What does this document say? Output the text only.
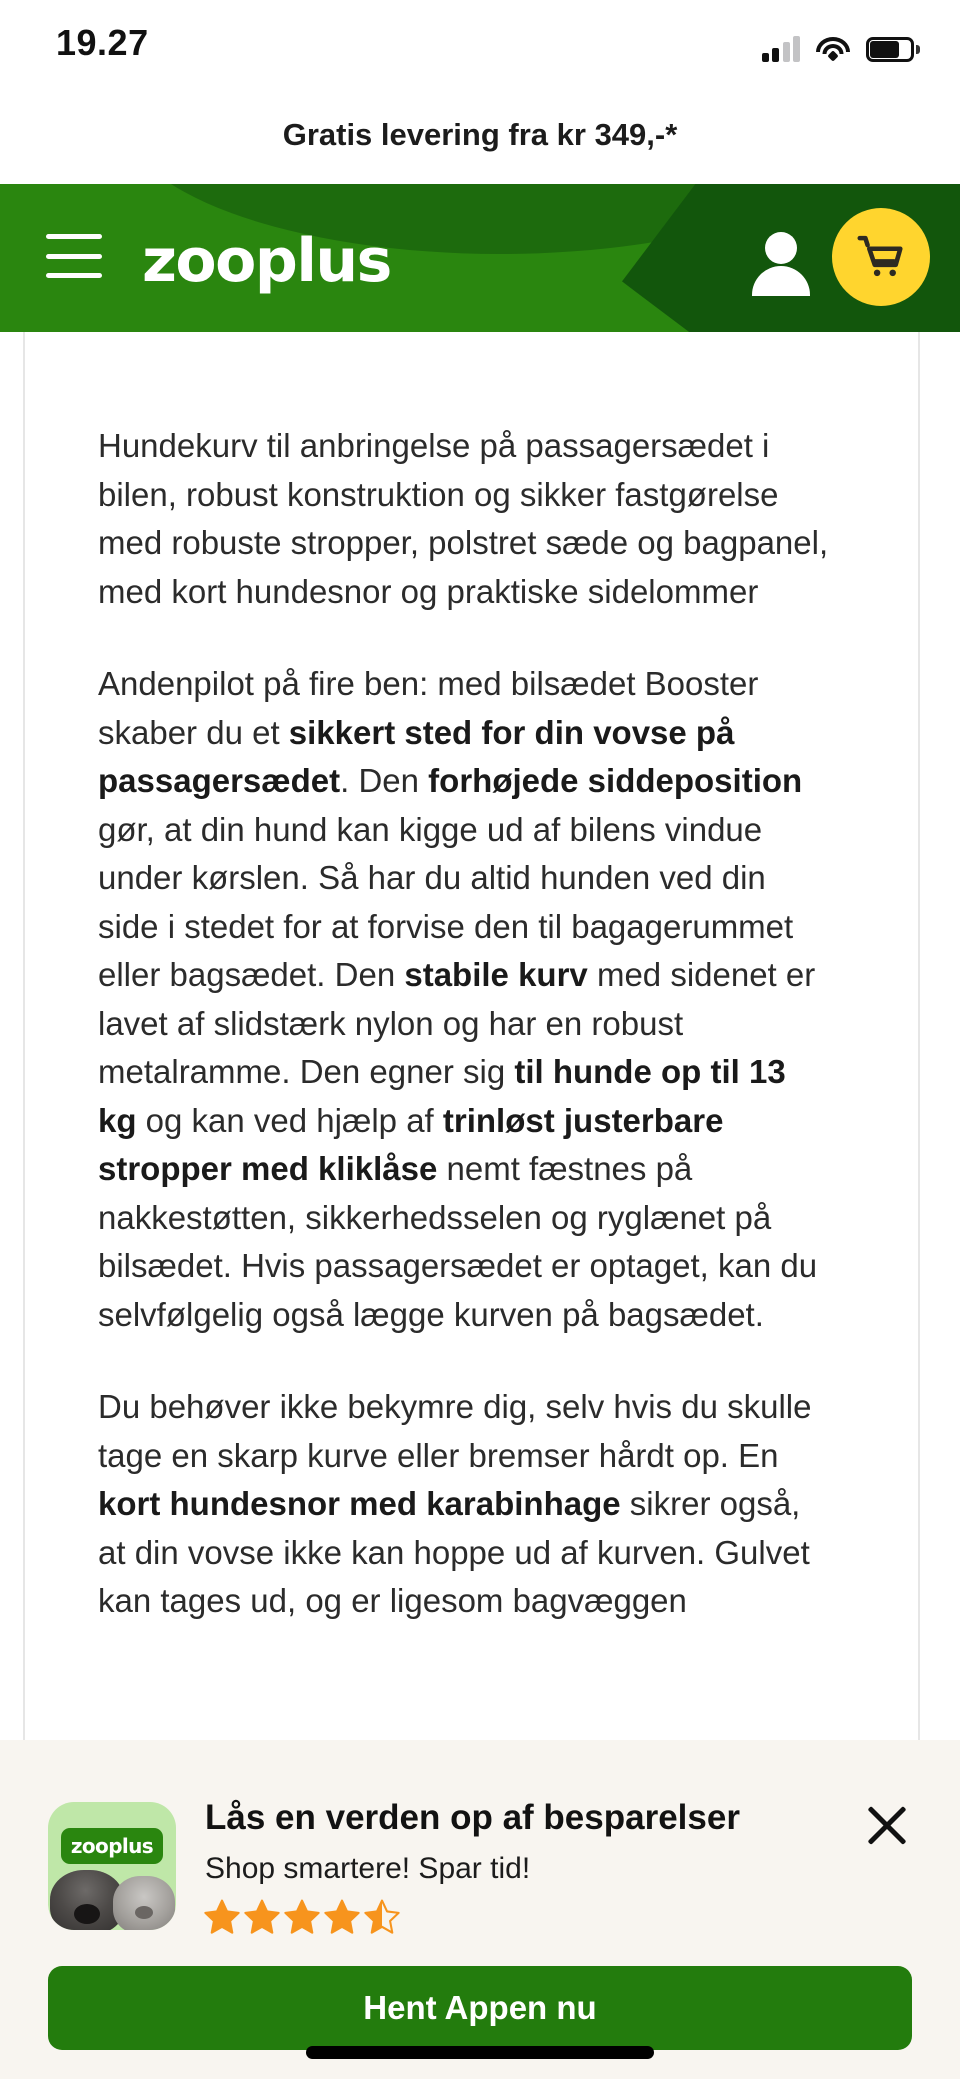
19.27
Gratis levering fra kr 349,-*
zooplus

Hundekurv til anbringelse på passagersædet i bilen, robust konstruktion og sikker fastgørelse med robuste stropper, polstret sæde og bagpanel, med kort hundesnor og praktiske sidelommer

Andenpilot på fire ben: med bilsædet Booster skaber du et sikkert sted for din vovse på passagersædet. Den forhøjede siddeposition gør, at din hund kan kigge ud af bilens vindue under kørslen. Så har du altid hunden ved din side i stedet for at forvise den til bagagerummet eller bagsædet. Den stabile kurv med sidenet er lavet af slidstærk nylon og har en robust metalramme. Den egner sig til hunde op til 13 kg og kan ved hjælp af trinløst justerbare stropper med kliklåse nemt fæstnes på nakkestøtten, sikkerhedsselen og ryglænet på bilsædet. Hvis passagersædet er optaget, kan du selvfølgelig også lægge kurven på bagsædet.

Du behøver ikke bekymre dig, selv hvis du skulle tage en skarp kurve eller bremser hårdt op. En kort hundesnor med karabinhage sikrer også, at din vovse ikke kan hoppe ud af kurven. Gulvet kan tages ud, og er ligesom bagvæggen

zooplus
Lås en verden op af besparelser
Shop smartere! Spar tid!
Hent Appen nu
